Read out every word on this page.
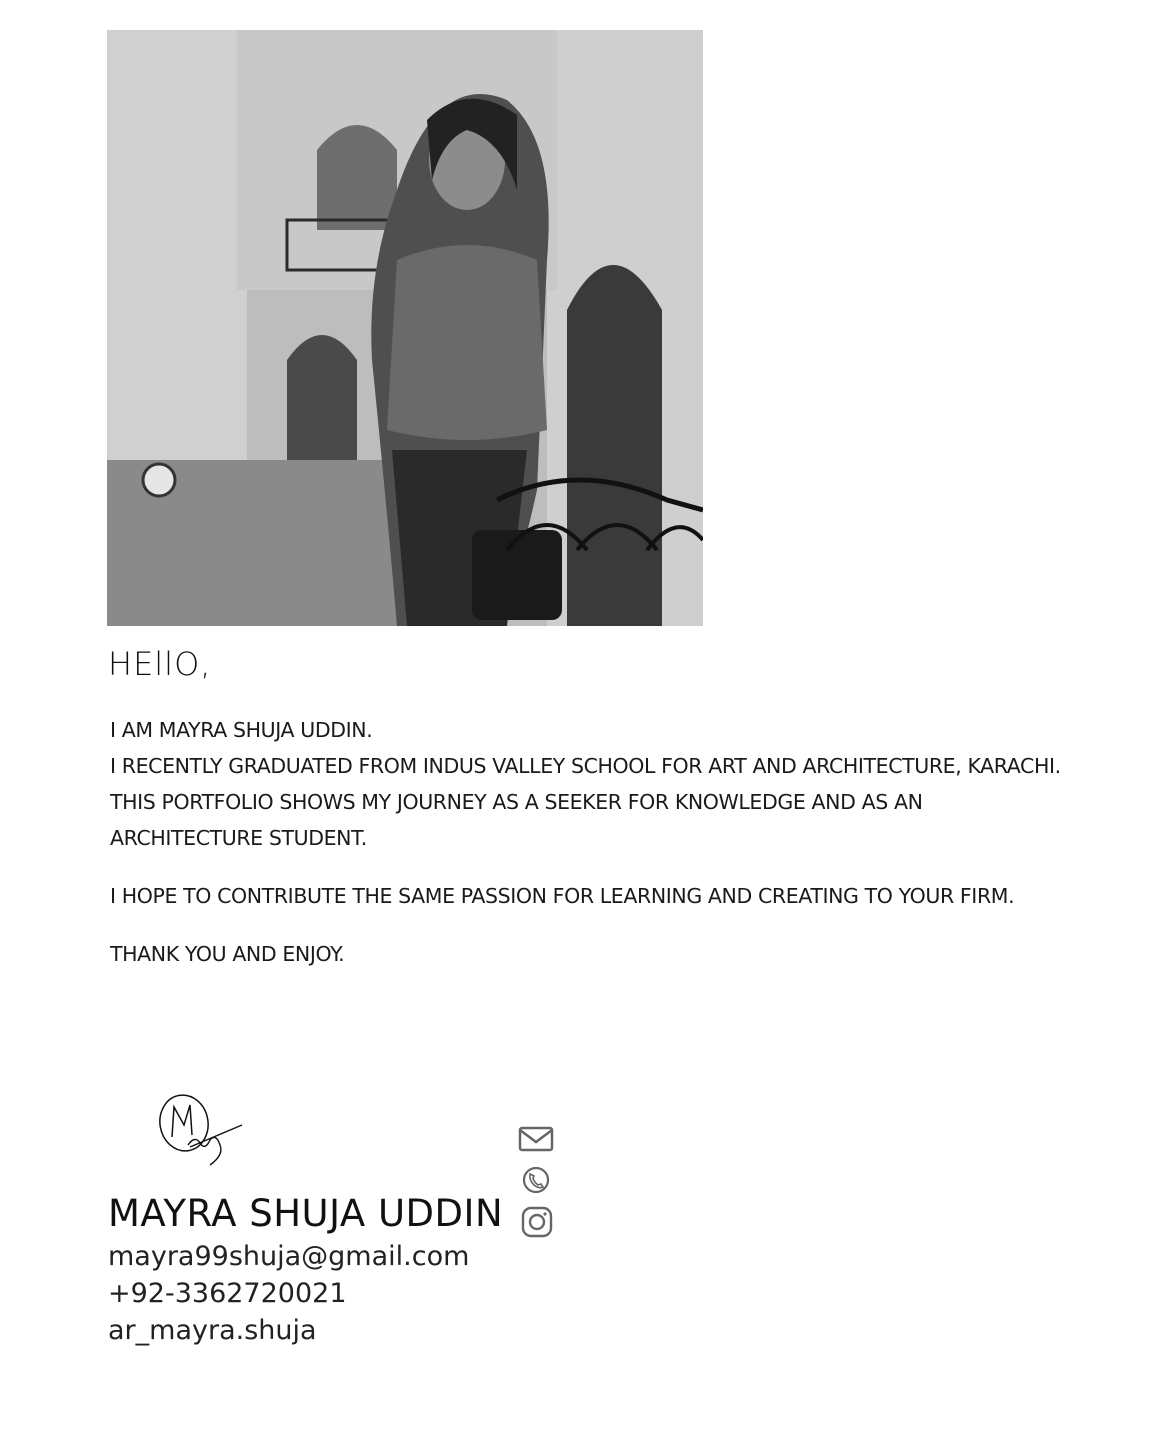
HEllO,

I AM MAYRA SHUJA UDDIN.

I RECENTLY GRADUATED FROM INDUS VALLEY SCHOOL FOR ART AND ARCHITECTURE, KARACHI.

THIS PORTFOLIO SHOWS MY JOURNEY AS A SEEKER FOR KNOWLEDGE AND AS AN

ARCHITECTURE STUDENT.

I HOPE TO CONTRIBUTE THE SAME PASSION FOR LEARNING AND CREATING TO YOUR FIRM.

THANK YOU AND ENJOY.

MAYRA SHUJA UDDIN
mayra99shuja@gmail.com
+92-3362720021
ar_mayra.shuja
